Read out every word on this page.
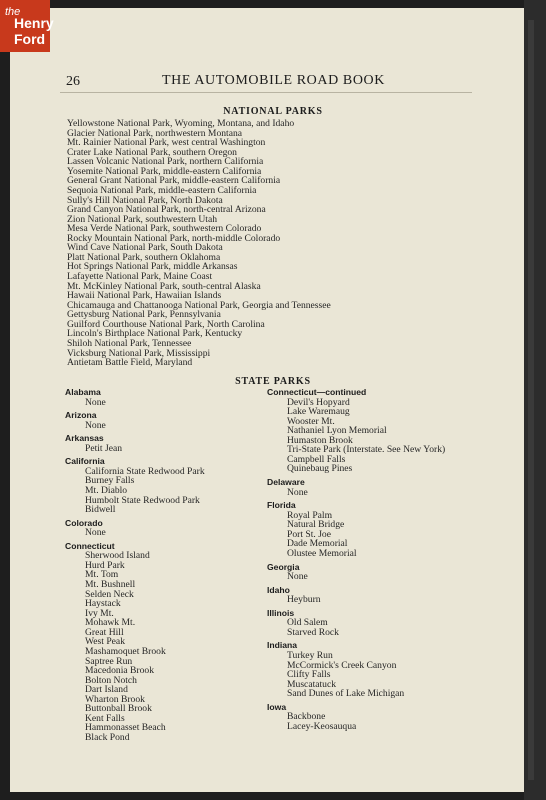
the
Henry
Ford
26	THE AUTOMOBILE ROAD BOOK
NATIONAL PARKS
Yellowstone National Park, Wyoming, Montana, and Idaho
Glacier National Park, northwestern Montana
Mt. Rainier National Park, west central Washington
Crater Lake National Park, southern Oregon
Lassen Volcanic National Park, northern California
Yosemite National Park, middle-eastern California
General Grant National Park, middle-eastern California
Sequoia National Park, middle-eastern California
Sully's Hill National Park, North Dakota
Grand Canyon National Park, north-central Arizona
Zion National Park, southwestern Utah
Mesa Verde National Park, southwestern Colorado
Rocky Mountain National Park, north-middle Colorado
Wind Cave National Park, South Dakota
Platt National Park, southern Oklahoma
Hot Springs National Park, middle Arkansas
Lafayette National Park, Maine Coast
Mt. McKinley National Park, south-central Alaska
Hawaii National Park, Hawaiian Islands
Chicamauga and Chattanooga National Park, Georgia and Tennessee
Gettysburg National Park, Pennsylvania
Guilford Courthouse National Park, North Carolina
Lincoln's Birthplace National Park, Kentucky
Shiloh National Park, Tennessee
Vicksburg National Park, Mississippi
Antietam Battle Field, Maryland
STATE PARKS
Alabama
None
Arizona
None
Arkansas
Petit Jean
California
California State Redwood Park
Burney Falls
Mt. Diablo
Humbolt State Redwood Park
Bidwell
Colorado
None
Connecticut
Sherwood Island
Hurd Park
Mt. Tom
Mt. Bushnell
Selden Neck
Haystack
Ivy Mt.
Mohawk Mt.
Great Hill
West Peak
Mashamoquet Brook
Saptree Run
Macedonia Brook
Bolton Notch
Dart Island
Wharton Brook
Buttonball Brook
Kent Falls
Hammonasset Beach
Black Pond
Connecticut—continued
Devil's Hopyard
Lake Waremaug
Wooster Mt.
Nathaniel Lyon Memorial
Humaston Brook
Tri-State Park (Interstate. See New York)
Campbell Falls
Quinebaug Pines
Delaware
None
Florida
Royal Palm
Natural Bridge
Port St. Joe
Dade Memorial
Olustee Memorial
Georgia
None
Idaho
Heyburn
Illinois
Old Salem
Starved Rock
Indiana
Turkey Run
McCormick's Creek Canyon
Clifty Falls
Muscatatuck
Sand Dunes of Lake Michigan
Iowa
Backbone
Lacey-Keosauqua
